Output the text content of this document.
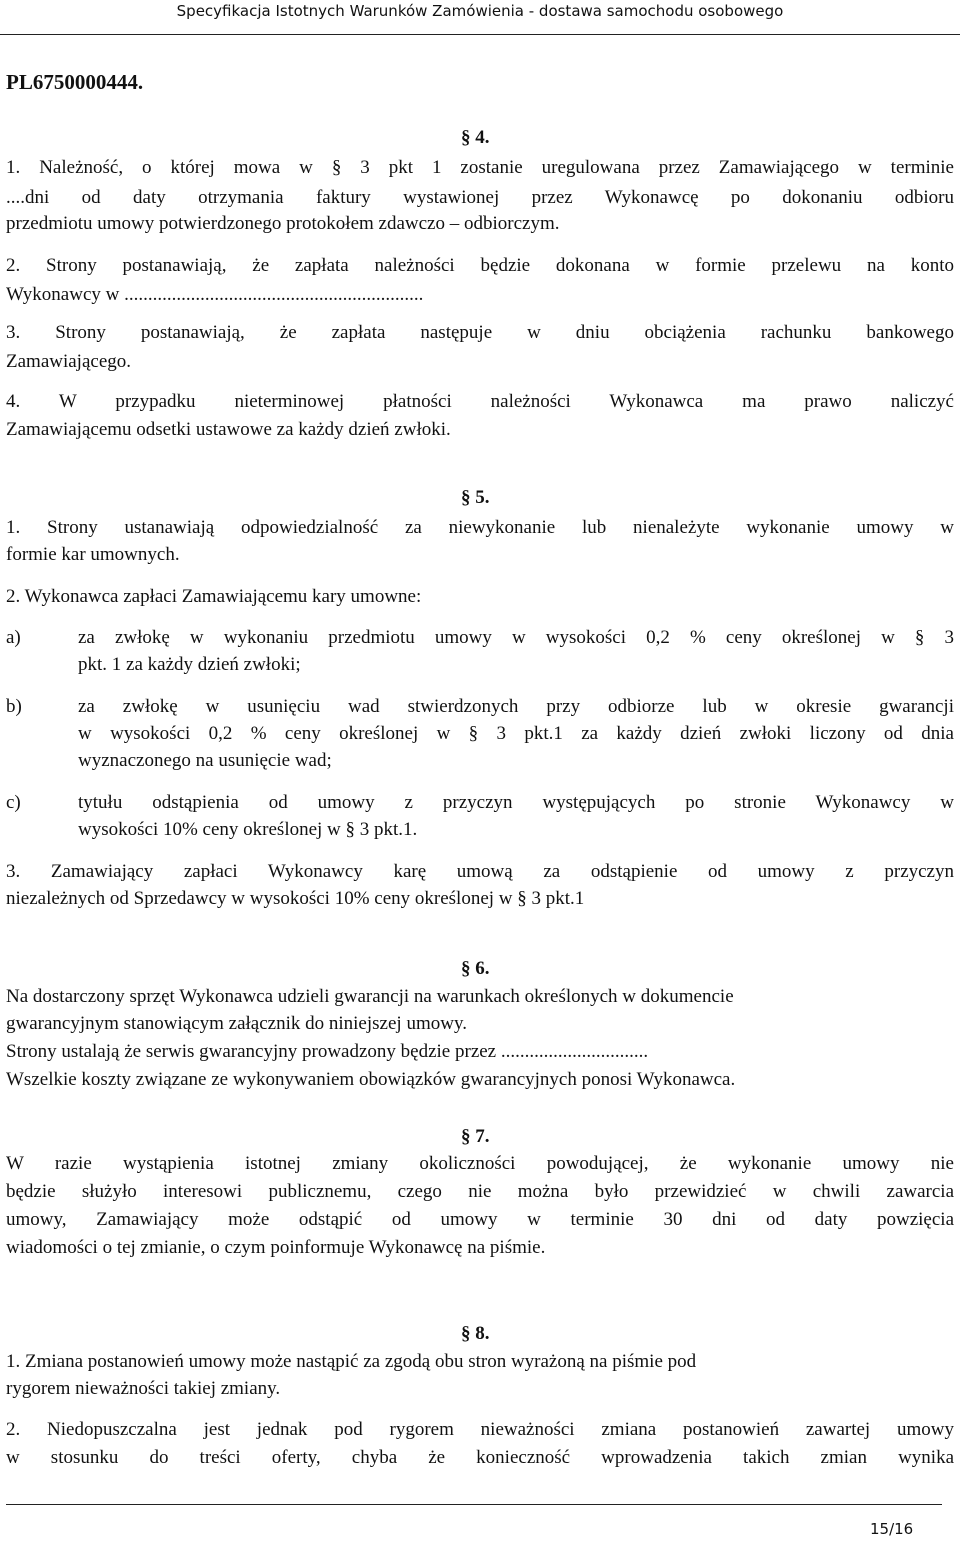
Specyfikacja Istotnych Warunków Zamówienia - dostawa samochodu osobowego
PL6750000444.
§ 4.
1. Należność, o której mowa w § 3 pkt 1 zostanie uregulowana przez Zamawiającego w terminie
....dni od daty otrzymania faktury wystawionej przez Wykonawcę po dokonaniu odbioru
przedmiotu umowy potwierdzonego protokołem zdawczo – odbiorczym.
2. Strony postanawiają, że zapłata należności będzie dokonana w formie przelewu na konto
Wykonawcy w ...............................................................
3. Strony postanawiają, że zapłata następuje w dniu obciążenia rachunku bankowego
Zamawiającego.
4. W przypadku nieterminowej płatności należności Wykonawca ma prawo naliczyć
Zamawiającemu odsetki ustawowe za każdy dzień zwłoki.
§ 5.
1. Strony ustanawiają odpowiedzialność za niewykonanie lub nienależyte wykonanie umowy w
formie kar umownych.
2. Wykonawca zapłaci Zamawiającemu kary umowne:
a)	za zwłokę w wykonaniu przedmiotu umowy w wysokości 0,2 % ceny określonej w § 3
pkt. 1 za każdy dzień zwłoki;
b)	za zwłokę w usunięciu wad stwierdzonych przy odbiorze lub w okresie gwarancji
w wysokości 0,2 % ceny określonej w § 3 pkt.1 za każdy dzień zwłoki liczony od dnia
wyznaczonego na usunięcie wad;
c)	tytułu odstąpienia od umowy z przyczyn występujących po stronie Wykonawcy w
wysokości 10% ceny określonej w § 3 pkt.1.
3. Zamawiający zapłaci Wykonawcy karę umową za odstąpienie od umowy z przyczyn
niezależnych od Sprzedawcy w wysokości 10% ceny określonej w § 3 pkt.1
§ 6.
Na dostarczony sprzęt Wykonawca udzieli gwarancji na warunkach określonych w dokumencie
gwarancyjnym stanowiącym załącznik do niniejszej umowy.
Strony ustalają że serwis gwarancyjny prowadzony będzie przez ...............................
Wszelkie koszty związane ze wykonywaniem obowiązków gwarancyjnych ponosi Wykonawca.
§ 7.
W razie wystąpienia istotnej zmiany okoliczności powodującej, że wykonanie umowy nie
będzie służyło interesowi publicznemu, czego nie można było przewidzieć w chwili zawarcia
umowy, Zamawiający może odstąpić od umowy w terminie 30 dni od daty powzięcia
wiadomości o tej zmianie, o czym poinformuje Wykonawcę na piśmie.
§ 8.
1. Zmiana postanowień umowy może nastąpić za zgodą obu stron wyrażoną na piśmie pod
rygorem nieważności takiej zmiany.
2. Niedopuszczalna jest jednak pod rygorem nieważności zmiana postanowień zawartej umowy
w stosunku do treści oferty, chyba że konieczność wprowadzenia takich zmian wynika
15/16
